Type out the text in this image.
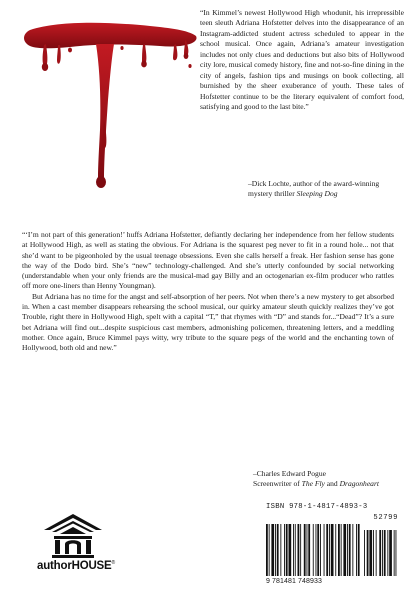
“In Kimmel’s newest Hollywood High whodunit, his irrepressible teen sleuth Adriana Hofstetter delves into the disappearance of an Instagram-addicted student actress scheduled to appear in the school musical. Once again, Adriana’s amateur investigation includes not only clues and deductions but also bits of Hollywood city lore, musical comedy history, fine and not-so-fine dining in the city of angels, fashion tips and musings on book collecting, all burnished by the sheer exuberance of youth. These tales of Hofstetter continue to be the literary equivalent of comfort food, satisfying and good to the last bite.”

–Dick Lochte, author of the award-winning
mystery thriller Sleeping Dog

“‘I’m not part of this generation!’ huffs Adriana Hofstetter, defiantly declaring her independence from her fellow students at Hollywood High, as well as stating the obvious. For Adriana is the squarest peg never to fit in a round hole... not that she’d want to be pigeonholed by the usual teenage obsessions. Even she calls herself a freak. Her fashion sense has gone the way of the Dodo bird. She’s “new” technology-challenged. And she’s utterly confounded by social networking (understandable when your only friends are the musical-mad gay Billy and an octogenarian ex-film producer who rattles off more one-liners than Henny Youngman).

But Adriana has no time for the angst and self-absorption of her peers. Not when there’s a new mystery to get absorbed in. When a cast member disappears rehearsing the school musical, our quirky amateur sleuth quickly realizes they’ve got Trouble, right there in Hollywood High, spelt with a capital “T,” that rhymes with “D” and stands for...“Dead”? It’s a sure bet Adriana will find out...despite suspicious cast members, admonishing policemen, threatening letters, and a meddling mother. Once again, Bruce Kimmel pays witty, wry tribute to the square pegs of the world and the enchanting town of Hollywood, both old and new.”

–Charles Edward Pogue
Screenwriter of The Fly and Dragonheart
authorHOUSE®
ISBN 978-1-4817-4893-3
52799
9 781481 748933
